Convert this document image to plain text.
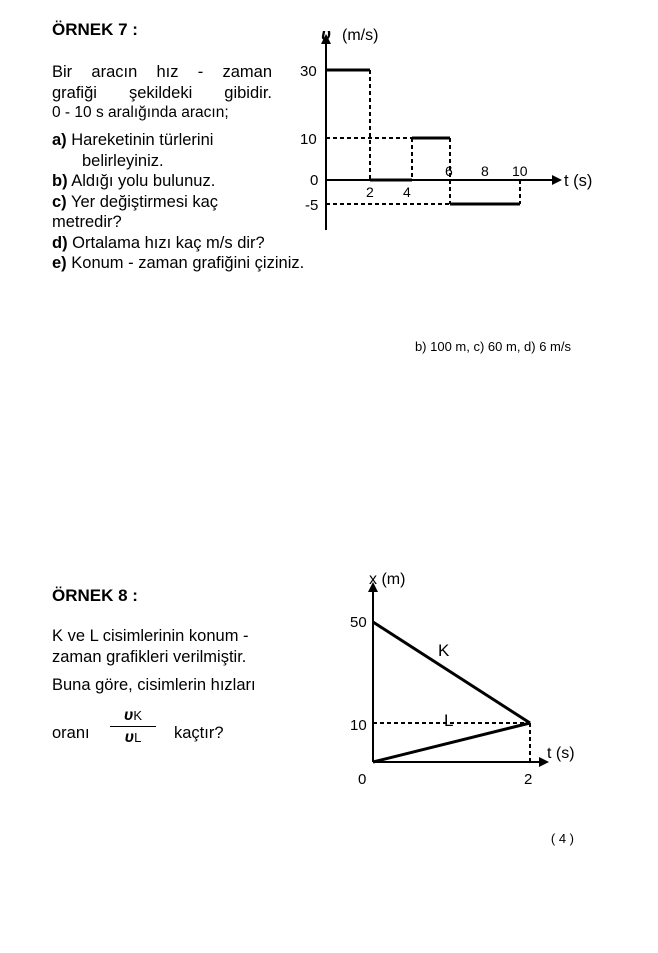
ÖRNEK 7 :
Bir aracın hız - zaman
grafiği şekildeki gibidir.
0 - 10 s aralığında aracın;
a) Hareketinin türlerini
belirleyiniz.
b) Aldığı yolu bulunuz.
c) Yer değiştirmesi kaç
metredir?
d) Ortalama hızı kaç m/s dir?
e) Konum - zaman grafiğini çiziniz.
b) 100 m, c) 60 m, d) 6 m/s
υ (m/s)
t (s)
30
10
0
-5
2 4
6 8 10
ÖRNEK 8 :
K ve L cisimlerinin konum -
zaman grafikleri verilmiştir.
Buna göre, cisimlerin hızları
oranı
υK
υL	kaçtır?
x (m)
t (s)
0
50
10
2
K
L
( 4 )
